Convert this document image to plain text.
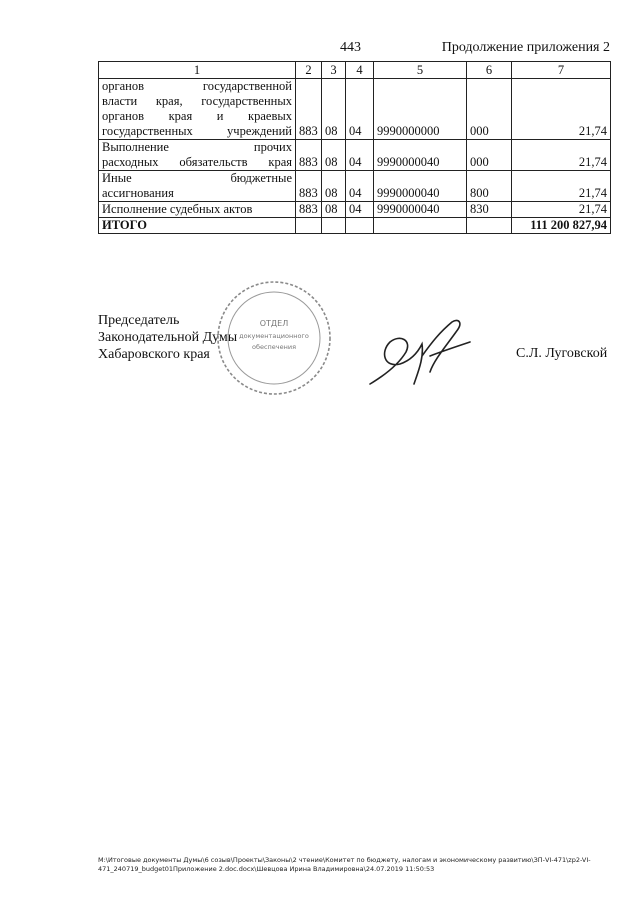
443	Продолжение приложения 2
1	2	3	4	5	6	7

органов государственной
власти края, государственных
органов края и краевых
государственных учреждений	883	08	04	9990000000	000	21,74

Выполнение прочих
расходных обязательств края	883	08	04	9990000040	000	21,74

Иные бюджетные
ассигнования	883	08	04	9990000040	800	21,74

Исполнение судебных актов	883	08	04	9990000040	830	21,74
ИТОГО						111 200 827,94
Председатель
Законодательной Думы
Хабаровского края
ОТДЕЛ
документационного
обеспечения	С.Л. Луговской
M:\Итоговые документы Думы\6 созыв\Проекты\Законы\2 чтение\Комитет по бюджету, налогам и экономическому развитию\ЗП-VI-471\zp2-VI-
471_240719_budget01Приложение 2.doc.docx\Шевцова Ирина Владимировна\24.07.2019 11:50:53
